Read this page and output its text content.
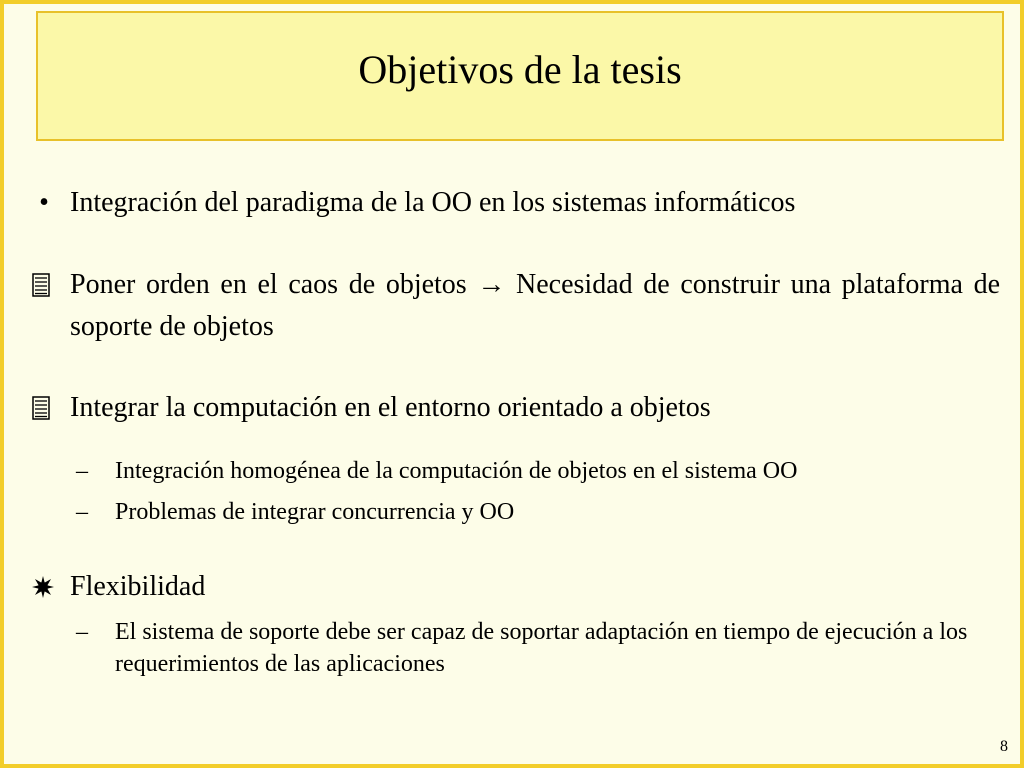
Objetivos de la tesis
• Integración del paradigma de la OO en los sistemas informáticos
Poner orden en el caos de objetos → Necesidad de construir una plataforma de soporte de objetos
Integrar la computación en el entorno orientado a objetos
– Integración homogénea de la computación de objetos en el sistema OO
– Problemas de integrar concurrencia y OO
Flexibilidad
– El sistema de soporte debe ser capaz de soportar adaptación en tiempo de ejecución a los requerimientos de las aplicaciones
8
